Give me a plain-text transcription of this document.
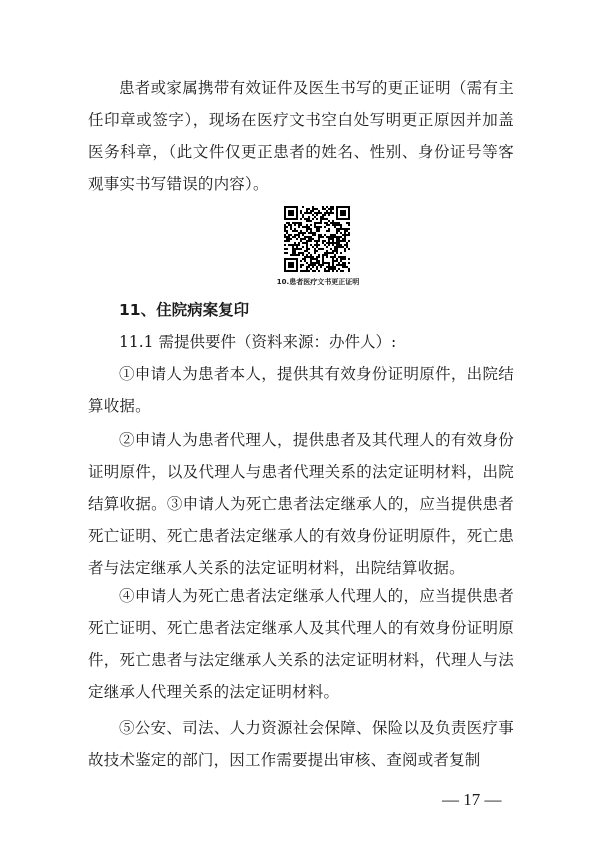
患者或家属携带有效证件及医生书写的更正证明（需有主任印章或签字），现场在医疗文书空白处写明更正原因并加盖医务科章，（此文件仅更正患者的姓名、性别、身份证号等客观事实书写错误的内容）。
10.患者医疗文书更正证明
11、住院病案复印
11.1 需提供要件（资料来源：办件人）:
①申请人为患者本人，提供其有效身份证明原件，出院结算收据。
②申请人为患者代理人，提供患者及其代理人的有效身份证明原件，以及代理人与患者代理关系的法定证明材料，出院结算收据。③申请人为死亡患者法定继承人的，应当提供患者死亡证明、死亡患者法定继承人的有效身份证明原件，死亡患者与法定继承人关系的法定证明材料，出院结算收据。
④申请人为死亡患者法定继承人代理人的，应当提供患者死亡证明、死亡患者法定继承人及其代理人的有效身份证明原件，死亡患者与法定继承人关系的法定证明材料，代理人与法定继承人代理关系的法定证明材料。
⑤公安、司法、人力资源社会保障、保险以及负责医疗事故技术鉴定的部门，因工作需要提出审核、查阅或者复制
— 17 —
